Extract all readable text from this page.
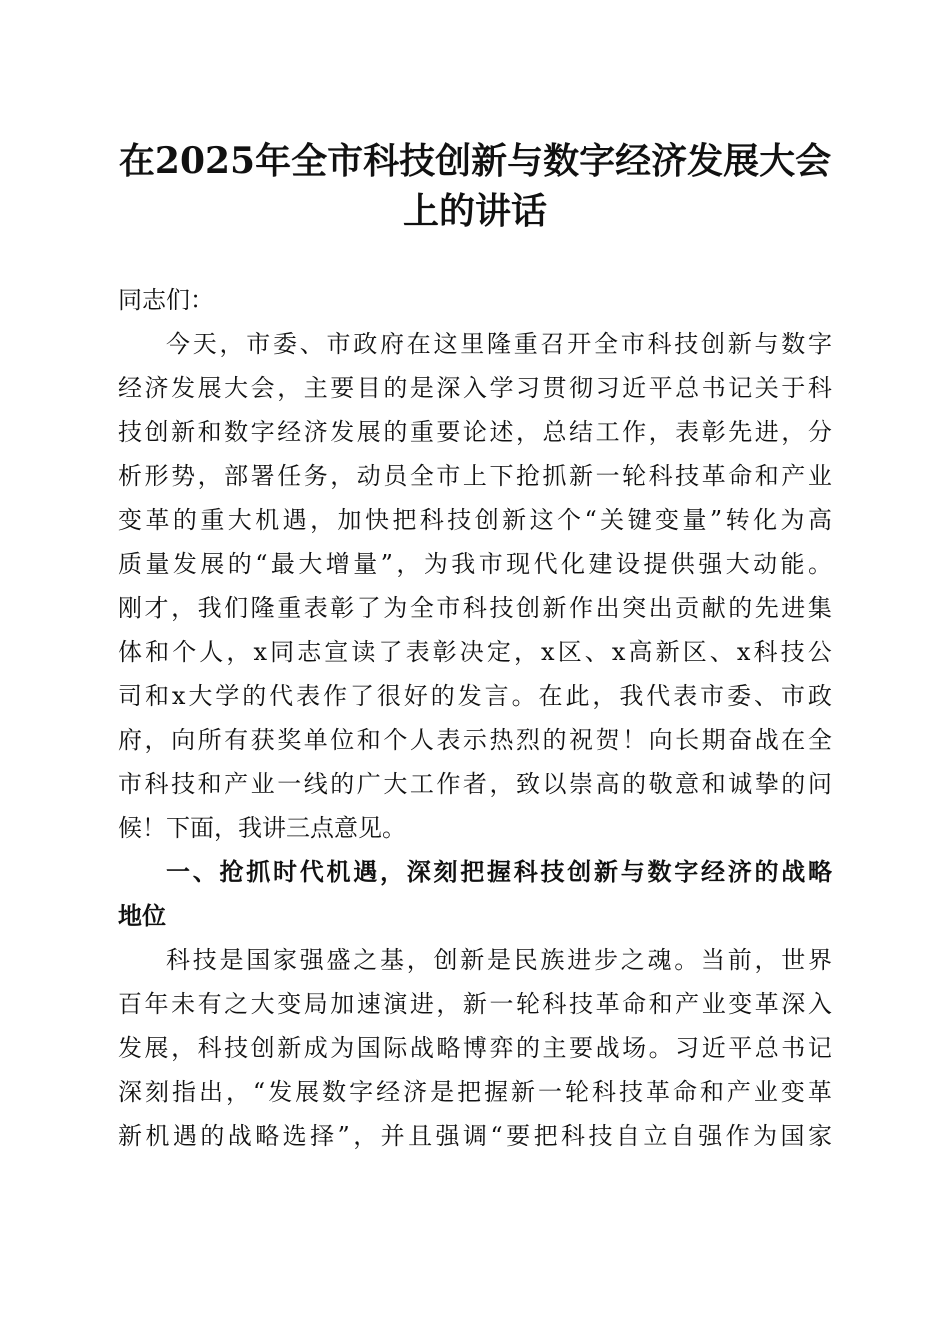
在2025年全市科技创新与数字经济发展大会
上的讲话
同志们：
今 天 ， 市 委 、 市 政 府 在 这 里 隆 重 召 开 全 市 科 技 创 新 与 数 字
经 济 发 展 大 会 ， 主 要 目 的 是 深 入 学 习 贯 彻 习 近 平 总 书 记 关 于 科
技 创 新 和 数 字 经 济 发 展 的 重 要 论 述 ， 总 结 工 作 ， 表 彰 先 进 ， 分
析 形 势 ， 部 署 任 务 ， 动 员 全 市 上 下 抢 抓 新 一 轮 科 技 革 命 和 产 业
变 革 的 重 大 机 遇 ， 加 快 把 科 技 创 新 这 个 “ 关 键 变 量 ” 转 化 为 高
质 量 发 展 的 “ 最 大 增 量 ” ， 为 我 市 现 代 化 建 设 提 供 强 大 动 能 。
刚 才 ， 我 们 隆 重 表 彰 了 为 全 市 科 技 创 新 作 出 突 出 贡 献 的 先 进 集
体 和 个 人 ， x 同 志 宣 读 了 表 彰 决 定 ， x 区 、 x 高 新 区 、 x 科 技 公
司 和 x 大 学 的 代 表 作 了 很 好 的 发 言 。 在 此 ， 我 代 表 市 委 、 市 政
府 ， 向 所 有 获 奖 单 位 和 个 人 表 示 热 烈 的 祝 贺 ！ 向 长 期 奋 战 在 全
市 科 技 和 产 业 一 线 的 广 大 工 作 者 ， 致 以 崇 高 的 敬 意 和 诚 挚 的 问
候！下面，我讲三点意见。
一 、 抢 抓 时 代 机 遇 ， 深 刻 把 握 科 技 创 新 与 数 字 经 济 的 战 略
地位
科 技 是 国 家 强 盛 之 基 ， 创 新 是 民 族 进 步 之 魂 。 当 前 ， 世 界
百 年 未 有 之 大 变 局 加 速 演 进 ， 新 一 轮 科 技 革 命 和 产 业 变 革 深 入
发 展 ， 科 技 创 新 成 为 国 际 战 略 博 弈 的 主 要 战 场 。 习 近 平 总 书 记
深 刻 指 出 ， “ 发 展 数 字 经 济 是 把 握 新 一 轮 科 技 革 命 和 产 业 变 革
新 机 遇 的 战 略 选 择 ” ， 并 且 强 调 “ 要 把 科 技 自 立 自 强 作 为 国 家
